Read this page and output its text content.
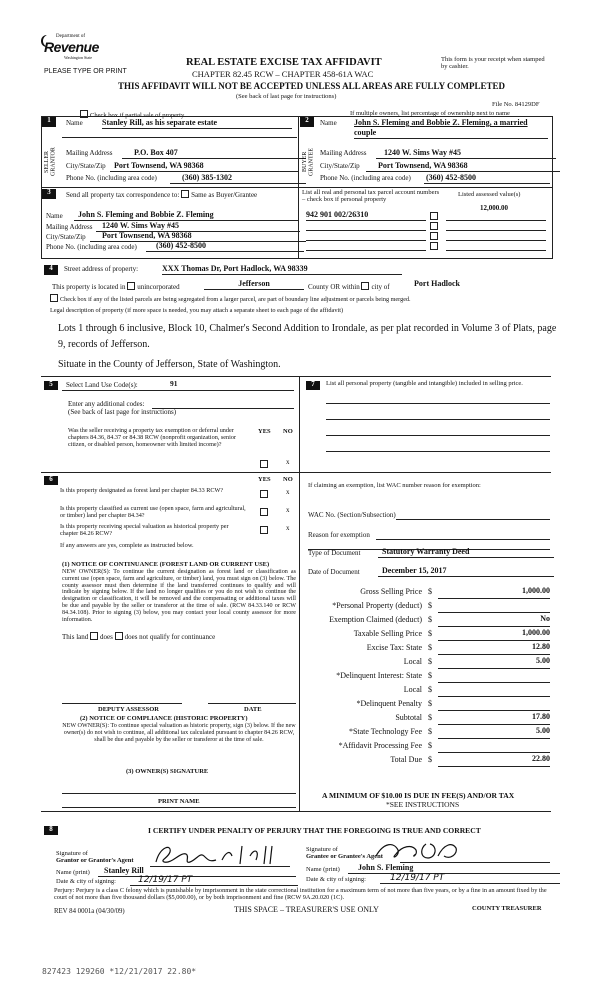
Department of
Revenue
Washington State
PLEASE TYPE OR PRINT
REAL ESTATE EXCISE TAX AFFIDAVIT
CHAPTER 82.45 RCW – CHAPTER 458-61A WAC
THIS AFFIDAVIT WILL NOT BE ACCEPTED UNLESS ALL AREAS ARE FULLY COMPLETED
(See back of last page for instructions)
This form is your receipt when stamped by cashier.
File No. 84129DF
Check box if partial sale of property	If multiple owners, list percentage of ownership next to name
1
SELLER GRANTOR
Name Stanley Rill, as his separate estate
Mailing Address	P.O. Box 407
City/State/Zip	Port Townsend, WA 98368
Phone No. (including area code)	(360) 385-1302
2
BUYER GRANTEE
Name John S. Fleming and Bobbie Z. Fleming, a married
couple
Mailing Address	1240 W. Sims Way #45
City/State/Zip	Port Townsend, WA 98368
Phone No. (including area code) (360) 452-8500
3	Send all property tax correspondence to: Same as Buyer/Grantee
Name	John S. Fleming and Bobbie Z. Fleming
Mailing Address	1240 W. Sims Way #45
City/State/Zip	Port Townsend, WA 98368
Phone No. (including area code)	(360) 452-8500
List all real and personal tax parcel account numbers – check box if personal property
Listed assessed value(s)
12,000.00
942 901 002/26310
4	Street address of property:	XXX Thomas Dr, Port Hadlock, WA 98339
This property is located in unincorporated	Jefferson	County OR within city of	Port Hadlock
Check box if any of the listed parcels are being segregated from a larger parcel, are part of boundary line adjustment or parcels being merged.
Legal description of property (if more space is needed, you may attach a separate sheet to each page of the affidavit)
Lots 1 through 6 inclusive, Block 10, Chalmer's Second Addition to Irondale, as per plat recorded in Volume 3 of Plats, page 9, records of Jefferson.
Situate in the County of Jefferson, State of Washington.
5	Select Land Use Code(s):	91
Enter any additional codes:
(See back of last page for instructions)
YES NO
Was the seller receiving a property tax exemption or deferral under chapters 84.36, 84.37 or 84.38 RCW (nonprofit organization, senior citizen, or disabled person, homeowner with limited income)?
x
6	YES NO
Is this property designated as forest land per chapter 84.33 RCW?	x
Is this property classified as current use (open space, farm and agricultural, or timber) land per chapter 84.34?
x
Is this property receiving special valuation as historical property per chapter 84.26 RCW?
x
If any answers are yes, complete as instructed below.
(1) NOTICE OF CONTINUANCE (FOREST LAND OR CURRENT USE)
NEW OWNER(S): To continue the current designation as forest land or classification as current use (open space, farm and agriculture, or timber) land, you must sign on (3) below. The county assessor must then determine if the land transferred continues to qualify and will indicate by signing below. If the land no longer qualifies or you do not wish to continue the designation or classification, it will be removed and the compensating or additional taxes will be due and payable by the seller or transferor at the time of sale. (RCW 84.33.140 or RCW 84.34.108). Prior to signing (3) below, you may contact your local county assessor for more information.
This land does does not qualify for continuance
DEPUTY ASSESSOR	DATE
(2) NOTICE OF COMPLIANCE (HISTORIC PROPERTY)
NEW OWNER(S): To continue special valuation as historic property, sign (3) below. If the new owner(s) do not wish to continue, all additional tax calculated pursuant to chapter 84.26 RCW, shall be due and payable by the seller or transferor at the time of sale.
(3) OWNER(S) SIGNATURE
PRINT NAME
7	List all personal property (tangible and intangible) included in selling price.
If claiming an exemption, list WAC number reason for exemption:
WAC No. (Section/Subsection)
Reason for exemption
Type of Document	Statutory Warranty Deed
Date of Document	December 15, 2017
Gross Selling Price $	1,000.00
*Personal Property (deduct) $
Exemption Claimed (deduct) $	No
Taxable Selling Price $	1,000.00
Excise Tax: State $	12.80
Local $	5.00
*Delinquent Interest: State $
Local $
*Delinquent Penalty $
Subtotal $	17.80
*State Technology Fee $	5.00
*Affidavit Processing Fee $
Total Due $	22.80
A MINIMUM OF $10.00 IS DUE IN FEE(S) AND/OR TAX
*SEE INSTRUCTIONS
8	I CERTIFY UNDER PENALTY OF PERJURY THAT THE FOREGOING IS TRUE AND CORRECT
Signature of
Grantor or Grantor's Agent
Name (print)	Stanley Rill
Date & city of signing:	12/19/17 PT
Signature of
Grantee or Grantee's Agent
Name (print)	John S. Fleming
Date & city of signing:	12/19/17 PT
Perjury: Perjury is a class C felony which is punishable by imprisonment in the state correctional institution for a maximum term of not more than five years, or by a fine in an amount fixed by the court of not more than five thousand dollars ($5,000.00), or by both imprisonment and fine (RCW 9A.20.020 (1C).
REV 84 0001a (04/30/09)	THIS SPACE – TREASURER'S USE ONLY	COUNTY TREASURER
827423 129260 *12/21/2017 22.80*
